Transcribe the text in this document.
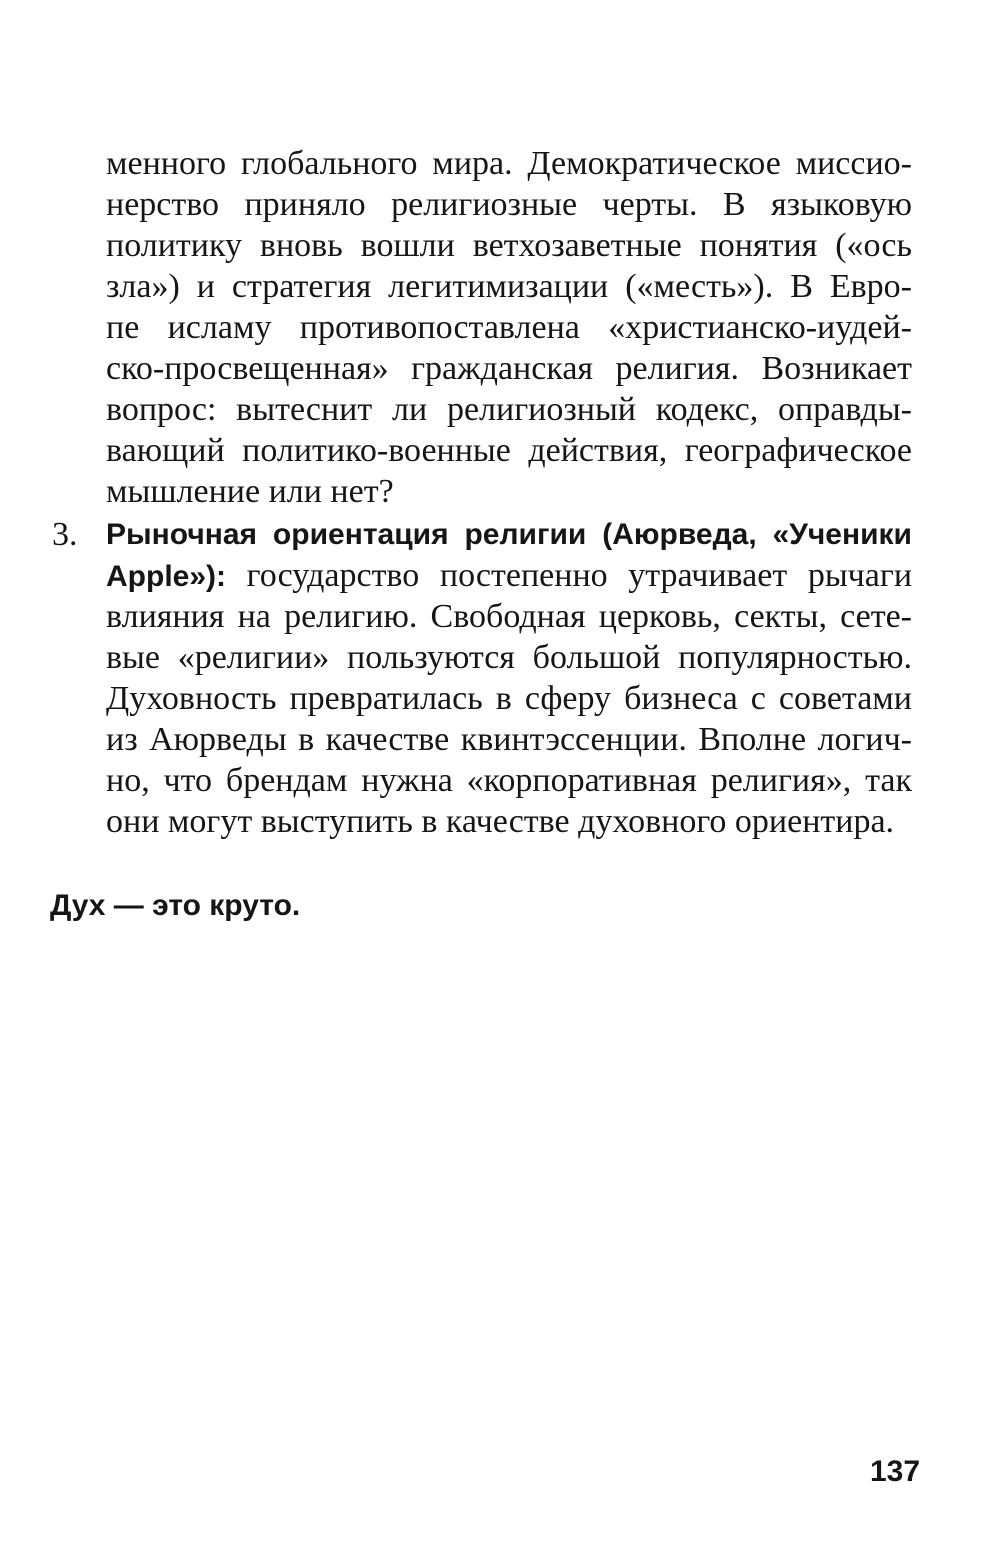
менного глобального мира. Демократическое миссио-
нерство приняло религиозные черты. В языковую
политику вновь вошли ветхозаветные понятия («ось
зла») и стратегия легитимизации («месть»). В Евро-
пе исламу противопоставлена «христианско-иудей-
ско-просвещенная» гражданская религия. Возникает
вопрос: вытеснит ли религиозный кодекс, оправды-
вающий политико-военные действия, географическое
мышление или нет?
3. Рыночная ориентация религии (Аюрведа, «Ученики
Apple»): государство постепенно утрачивает рычаги
влияния на религию. Свободная церковь, секты, сете-
вые «религии» пользуются большой популярностью.
Духовность превратилась в сферу бизнеса с советами
из Аюрведы в качестве квинтэссенции. Вполне логич-
но, что брендам нужна «корпоративная религия», так
они могут выступить в качестве духовного ориентира.
Дух — это круто.
137
